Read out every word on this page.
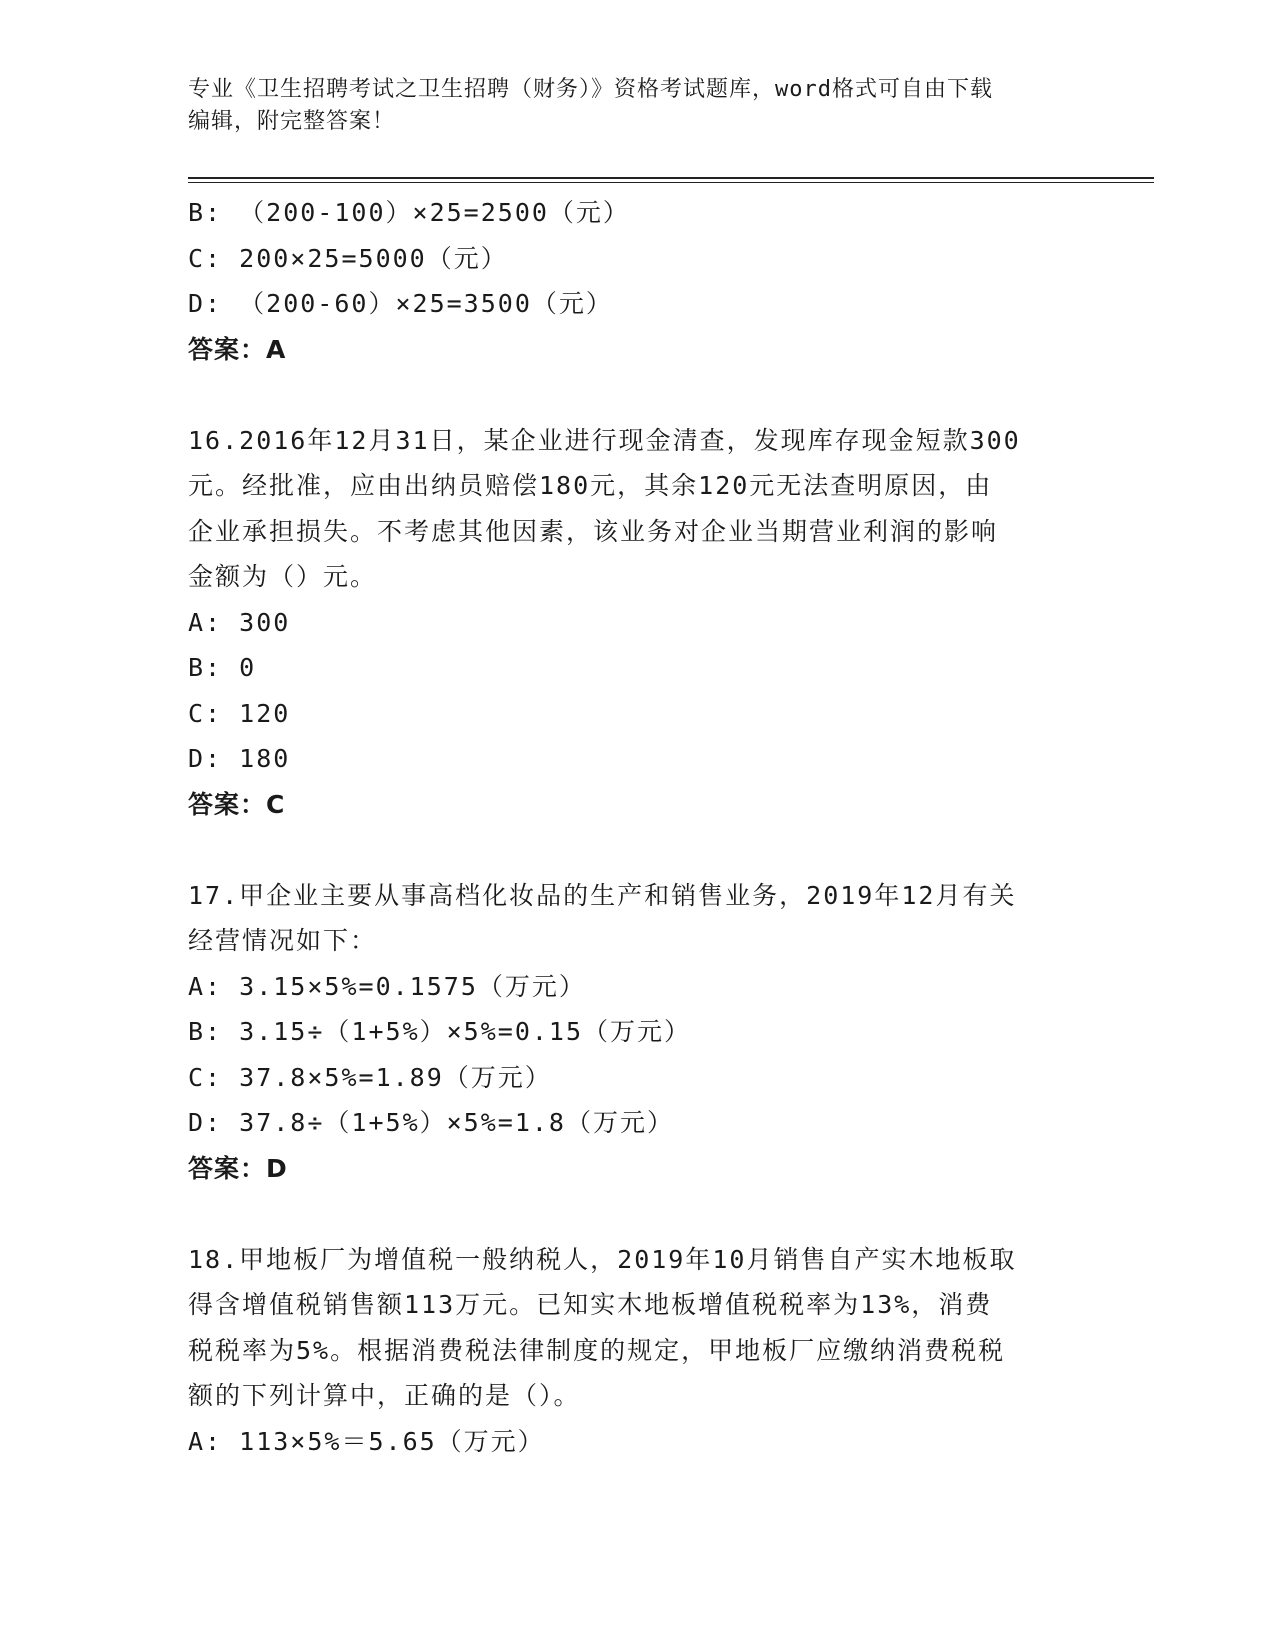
专业《卫生招聘考试之卫生招聘（财务）》资格考试题库，word格式可自由下载
编辑，附完整答案！
B: （200-100）×25=2500（元）
C: 200×25=5000（元）
D: （200-60）×25=3500（元）
答案：A
16.2016年12月31日，某企业进行现金清查，发现库存现金短款300
元。经批准，应由出纳员赔偿180元，其余120元无法查明原因，由
企业承担损失。不考虑其他因素，该业务对企业当期营业利润的影响
金额为（）元。
A: 300
B: 0
C: 120
D: 180
答案：C
17.甲企业主要从事高档化妆品的生产和销售业务，2019年12月有关
经营情况如下：
A: 3.15×5%=0.1575（万元）
B: 3.15÷（1+5%）×5%=0.15（万元）
C: 37.8×5%=1.89（万元）
D: 37.8÷（1+5%）×5%=1.8（万元）
答案：D
18.甲地板厂为增值税一般纳税人，2019年10月销售自产实木地板取
得含增值税销售额113万元。已知实木地板增值税税率为13%，消费
税税率为5%。根据消费税法律制度的规定，甲地板厂应缴纳消费税税
额的下列计算中，正确的是（）。
A: 113×5%＝5.65（万元）
